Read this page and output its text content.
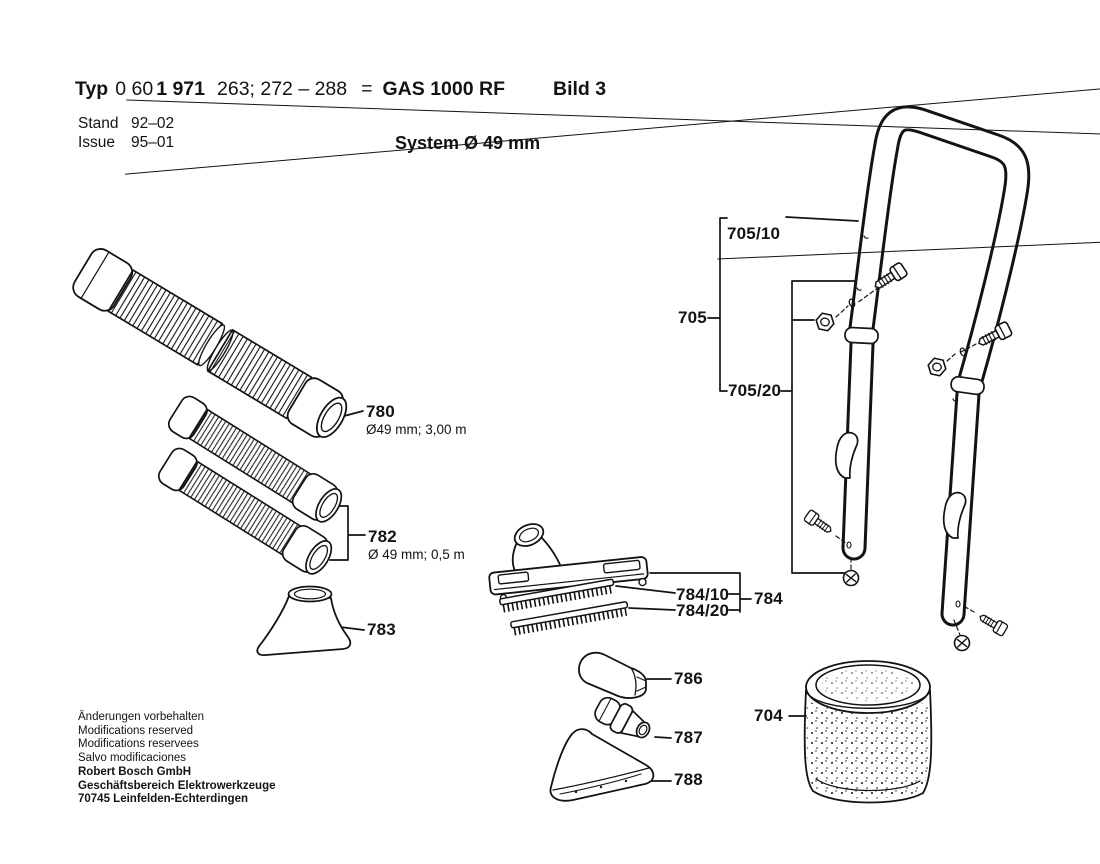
Typ 0 60 1 971 263; 272 – 288 = GAS 1000 RF Bild 3
Stand 92–02
Issue 95–01	System Ø 49 mm
780
Ø49 mm; 3,00 m
782
Ø 49 mm; 0,5 m
783
784/10
784/20
784
786
787
788
704
705/10
705
705/20
Änderungen vorbehalten
Modifications reserved
Modifications reservees
Salvo modificaciones
Robert Bosch GmbH
Geschäftsbereich Elektrowerkzeuge
70745 Leinfelden-Echterdingen
